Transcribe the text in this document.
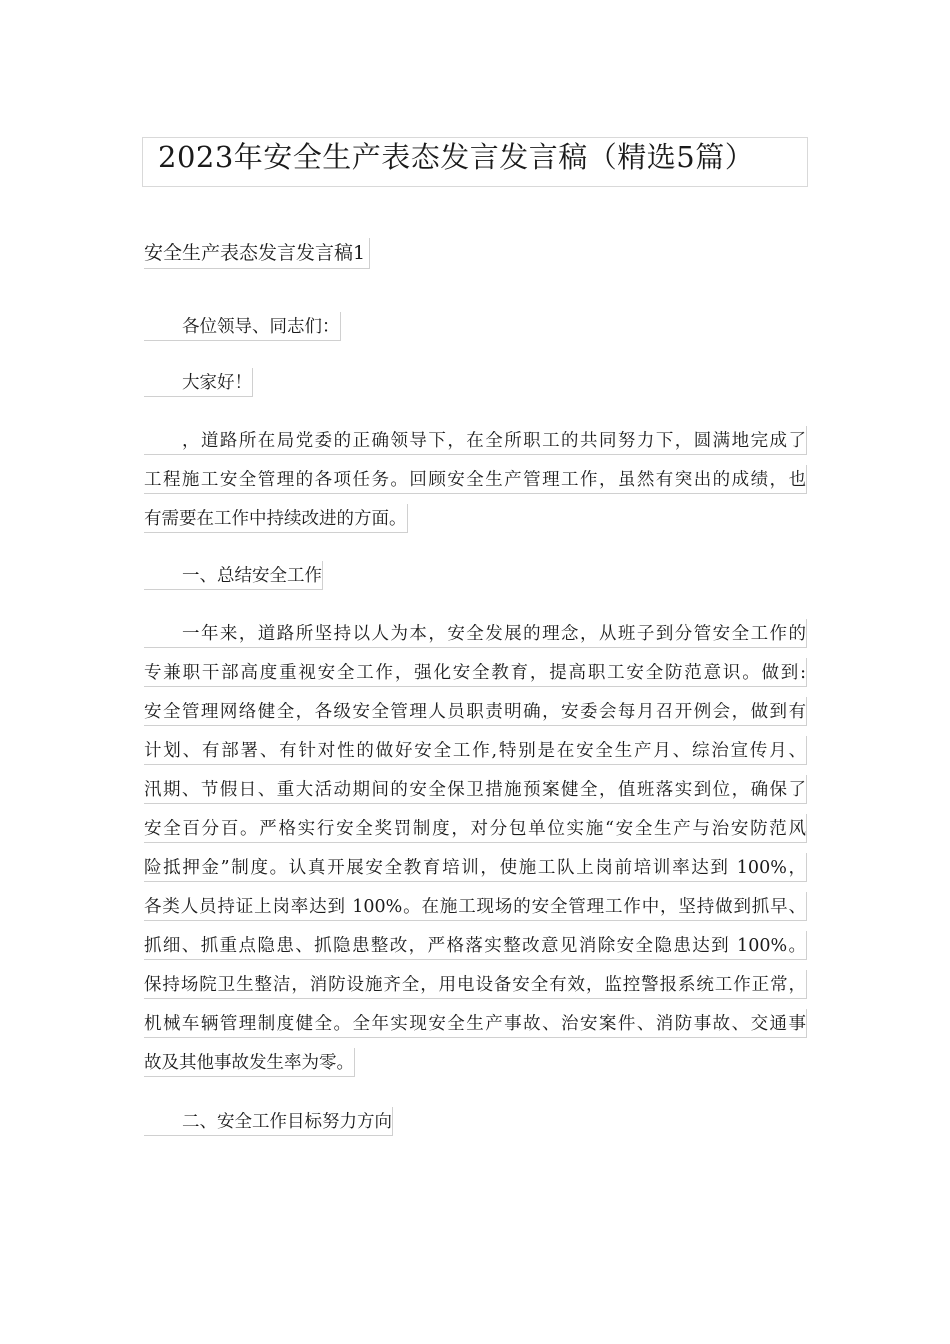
2023年安全生产表态发言发言稿（精选5篇）
安全生产表态发言发言稿1
各位领导、同志们：
大家好！
，道路所在局党委的正确领导下，在全所职工的共同努力下，圆满地完成了
工程施工安全管理的各项任务。回顾安全生产管理工作，虽然有突出的成绩，也
有需要在工作中持续改进的方面。
一、总结安全工作
一年来，道路所坚持以人为本，安全发展的理念，从班子到分管安全工作的
专兼职干部高度重视安全工作，强化安全教育，提高职工安全防范意识。做到:
安全管理网络健全，各级安全管理人员职责明确，安委会每月召开例会，做到有
计划、有部署、有针对性的做好安全工作,特别是在安全生产月、综治宣传月、
汛期、节假日、重大活动期间的安全保卫措施预案健全，值班落实到位，确保了
安全百分百。严格实行安全奖罚制度，对分包单位实施“安全生产与治安防范风
险抵押金”制度。认真开展安全教育培训，使施工队上岗前培训率达到 100%，
各类人员持证上岗率达到 100%。在施工现场的安全管理工作中，坚持做到抓早、
抓细、抓重点隐患、抓隐患整改，严格落实整改意见消除安全隐患达到 100%。
保持场院卫生整洁，消防设施齐全，用电设备安全有效，监控警报系统工作正常，
机械车辆管理制度健全。全年实现安全生产事故、治安案件、消防事故、交通事
故及其他事故发生率为零。
二、安全工作目标努力方向
